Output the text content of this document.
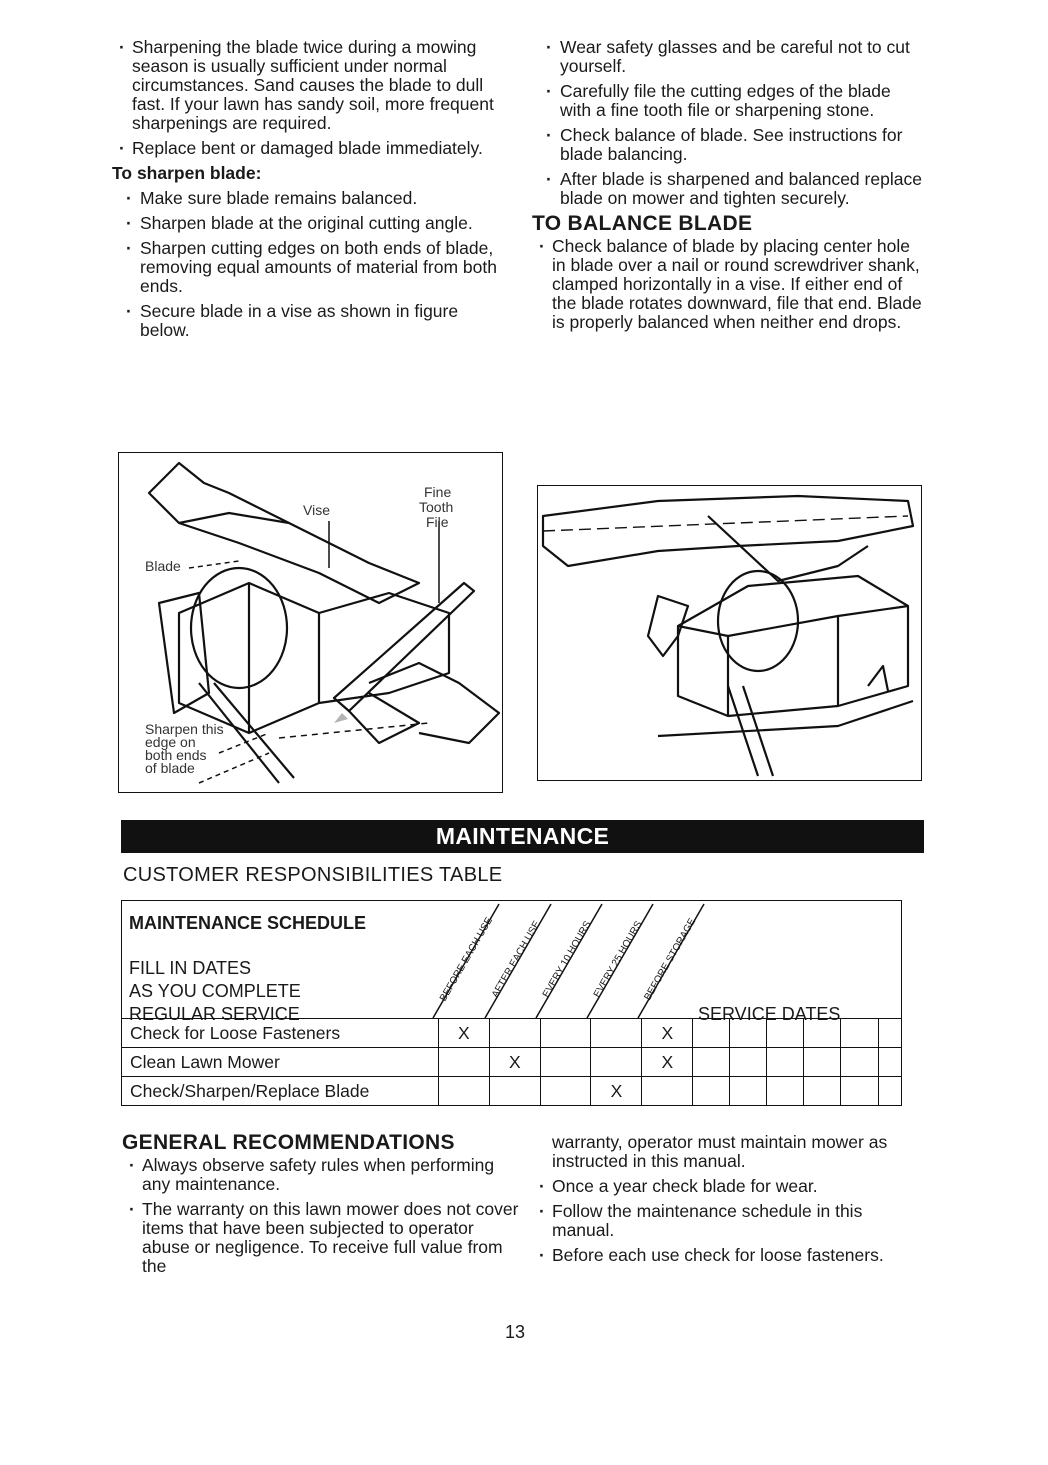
· Sharpening the blade twice during a mowing season is usually sufficient under normal circumstances. Sand causes the blade to dull fast. If your lawn has sandy soil, more frequent sharpenings are required.
· Replace bent or damaged blade immediately.
To sharpen blade:
· Make sure blade remains balanced.
· Sharpen blade at the original cutting angle.
· Sharpen cutting edges on both ends of blade, removing equal amounts of material from both ends.
· Secure blade in a vise as shown in figure below.
· Wear safety glasses and be careful not to cut yourself.
· Carefully file the cutting edges of the blade with a fine tooth file or sharpening stone.
· Check balance of blade. See instructions for blade balancing.
· After blade is sharpened and balanced replace blade on mower and tighten securely.
TO BALANCE BLADE
· Check balance of blade by placing center hole in blade over a nail or round screwdriver shank, clamped horizontally in a vise. If either end of the blade rotates downward, file that end. Blade is properly balanced when neither end drops.
Vise
Fine
Tooth
File
Blade
Sharpen this
edge on
both ends
of blade
MAINTENANCE
CUSTOMER RESPONSIBILITIES TABLE
MAINTENANCE SCHEDULE
FILL IN DATES
AS YOU COMPLETE
REGULAR SERVICE	SERVICE DATES
BEFORE EACH USE
AFTER EACH USE
EVERY 10 HOURS
EVERY 25 HOURS
BEFORE STORAGE
Check for Loose Fasteners	X				X						
Clean Lawn Mower		X			X						
Check/Sharpen/Replace Blade				X							
GENERAL RECOMMENDATIONS
· Always observe safety rules when performing any maintenance.
· The warranty on this lawn mower does not cover items that have been subjected to operator abuse or negligence. To receive full value from the
warranty, operator must maintain mower as instructed in this manual.
· Once a year check blade for wear.
· Follow the maintenance schedule in this manual.
· Before each use check for loose fasteners.
13
